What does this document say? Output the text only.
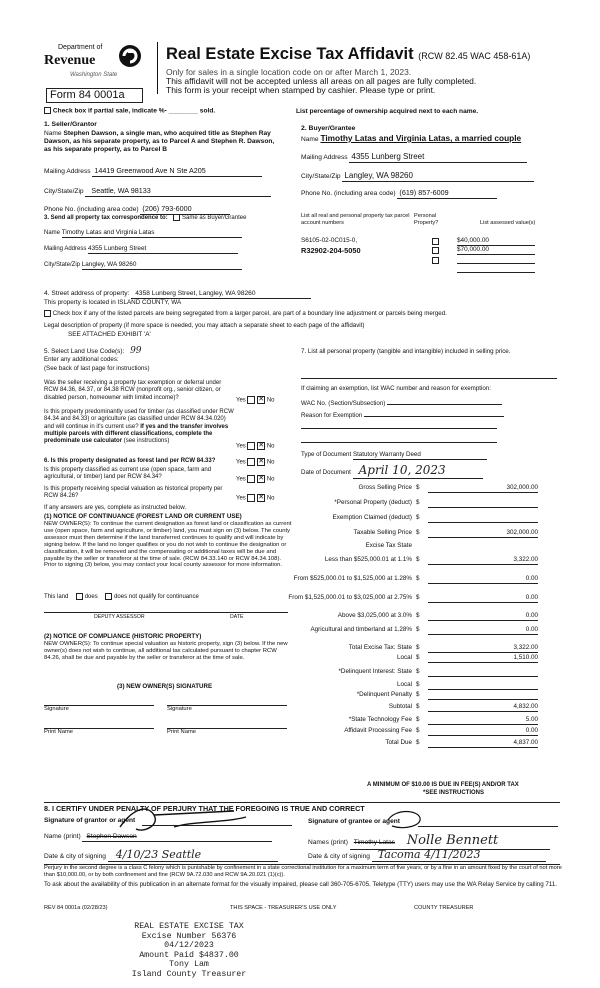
Department of
Revenue
Washington State
Real Estate Excise Tax Affidavit (RCW 82.45 WAC 458-61A)
Only for sales in a single location code on or after March 1, 2023.
This affidavit will not be accepted unless all areas on all pages are fully completed.
This form is your receipt when stamped by cashier. Please type or print.
Form 84 0001a
Check box if partial sale, indicate %- ________ sold.	List percentage of ownership acquired next to each name.
1. Seller/Grantor
Name Stephen Dawson, a single man, who acquired title as Stephen Ray Dawson, as his separate property, as to Parcel A and Stephen R. Dawson, as his separate property, as to Parcel B
Mailing Address 14419 Greenwood Ave N Ste A205
City/State/Zip Seattle, WA 98133
Phone No. (including area code) (206) 793-6000
3. Send all property tax correspondence to: Same as Buyer/Grantee
Name Timothy Latas and Virginia Latas
Mailing Address 4355 Lunberg Street
City/State/Zip Langley, WA 98260
2. Buyer/Grantee
Name Timothy Latas and Virginia Latas, a married couple
Mailing Address 4355 Lunberg Street
City/State/Zip Langley, WA 98260
Phone No. (including area code) (619) 857-6009
List all real and personal property tax parcel account numbers
Personal Property?	List assessed value(s)
S6105-02-0C015-0,	$40,000.00
R32902-204-5050	$70,000.00
4. Street address of property: 4358 Lunberg Street, Langley, WA 98260
This property is located in ISLAND COUNTY, WA
Check box if any of the listed parcels are being segregated from a larger parcel, are part of a boundary line adjustment or parcels being merged.
Legal description of property (if more space is needed, you may attach a separate sheet to each page of the affidavit)
SEE ATTACHED EXHIBIT 'A'
5. Select Land Use Code(s): 99
Enter any additional codes:
(See back of last page for instructions)
Was the seller receiving a property tax exemption or deferral under RCW 84.36, 84.37, or 84.38 RCW (nonprofit org., senior citizen, or disabled person, homeowner with limited income)?	Yes ✕ No
Is this property predominantly used for timber (as classified under RCW 84.34 and 84.33) or agriculture (as classified under RCW 84.34.020) and will continue in it's current use? If yes and the transfer involves multiple parcels with different classifications, complete the predominate use calculator (see instructions)
Yes ✕ No
6. Is this property designated as forest land per RCW 84.33?	Yes ✕ No
Is this property classified as current use (open space, farm and agricultural, or timber) land per RCW 84.34?	Yes ✕ No
Is this property receiving special valuation as historical property per RCW 84.26?	Yes ✕ No
If any answers are yes, complete as instructed below.
(1) NOTICE OF CONTINUANCE (FOREST LAND OR CURRENT USE)
NEW OWNER(S): To continue the current designation as forest land or classification as current use (open space, farm and agriculture, or timber) land, you must sign on (3) below. The county assessor must then determine if the land transferred continues to qualify and will indicate by signing below. If the land no longer qualifies or you do not wish to continue the designation or classification, it will be removed and the compensating or additional taxes will be due and payable by the seller or transferor at the time of sale. (RCW 84.33.140 or RCW 84.34.108). Prior to signing (3) below, you may contact your local county assessor for more information.
This land	does	does not qualify for continuance
DEPUTY ASSESSOR	DATE
(2) NOTICE OF COMPLIANCE (HISTORIC PROPERTY)
NEW OWNER(S): To continue special valuation as historic property, sign (3) below. If the new owner(s) does not wish to continue, all additional tax calculated pursuant to chapter RCW 84.26, shall be due and payable by the seller or transferor at the time of sale.
(3) NEW OWNER(S) SIGNATURE
Signature	Signature
Print Name	Print Name
7. List all personal property (tangible and intangible) included in selling price.
If claiming an exemption, list WAC number and reason for exemption:
WAC No. (Section/Subsection)
Reason for Exemption
Type of Document Statutory Warranty Deed
Date of Document April 10, 2023
Gross Selling Price $	302,000.00
*Personal Property (deduct) $
Exemption Claimed (deduct) $
Taxable Selling Price $	302,000.00
Excise Tax State
Less than $525,000.01 at 1.1% $	3,322.00
From $525,000.01 to $1,525,000 at 1.28% $	0.00
From $1,525,000.01 to $3,025,000 at 2.75% $	0.00
Above $3,025,000 at 3.0% $	0.00
Agricultural and timberland at 1.28% $	0.00
Total Excise Tax: State $	3,322.00
Local $	1,510.00
*Delinquent Interest: State $
Local $
*Delinquent Penalty $
Subtotal $	4,832.00
*State Technology Fee $	5.00
Affidavit Processing Fee $	0.00
Total Due $	4,837.00
A MINIMUM OF $10.00 IS DUE IN FEE(S) AND/OR TAX
*SEE INSTRUCTIONS
8. I CERTIFY UNDER PENALTY OF PERJURY THAT THE FOREGOING IS TRUE AND CORRECT
Signature of grantor or agent	Signature of grantee or agent
Name (print) Stephen Dawson
Names (print) Timothy Latas Nolle Bennett
Date & city of signing 4/10/23 Seattle	Date & city of signing Tacoma 4/11/2023
Perjury in the second degree is a class C felony which is punishable by confinement in a state correctional institution for a maximum term of five years, or by a fine in an amount fixed by the court of not more than $10,000.00, or by both confinement and fine (RCW 9A.72.030 and RCW 9A.20.021 (1)(c)).
To ask about the availability of this publication in an alternate format for the visually impaired, please call 360-705-6705. Teletype (TTY) users may use the WA Relay Service by calling 711.
REV 84 0001a (02/28/23)	THIS SPACE - TREASURER'S USE ONLY	COUNTY TREASURER
REAL ESTATE EXCISE TAX
Excise Number 56376
04/12/2023
Amount Paid $4837.00
Tony Lam
Island County Treasurer
